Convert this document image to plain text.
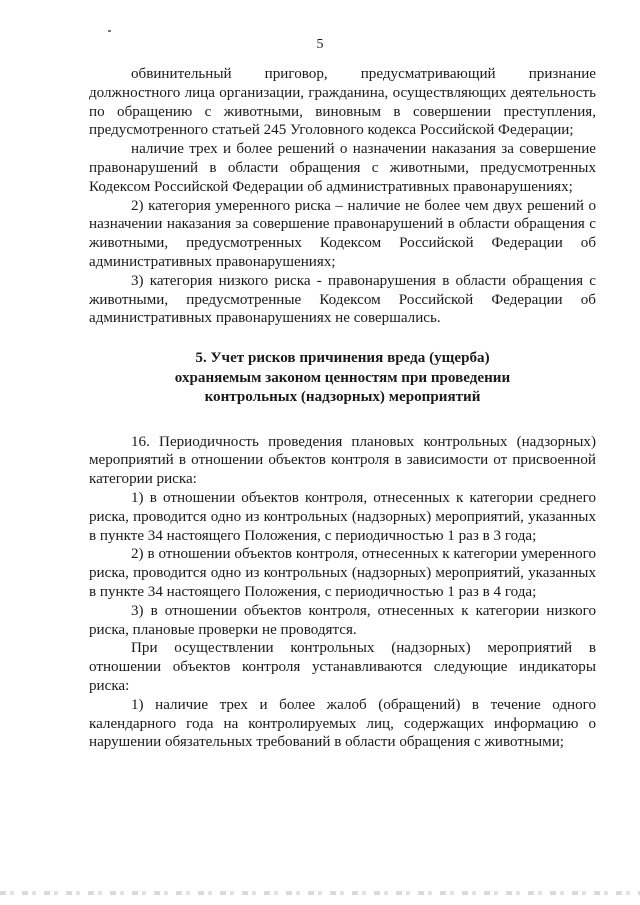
5

обвинительный приговор, предусматривающий признание должностного лица организации, гражданина, осуществляющих деятельность по обращению с животными, виновным в совершении преступления, предусмотренного статьей 245 Уголовного кодекса Российской Федерации;

наличие трех и более решений о назначении наказания за совершение правонарушений в области обращения с животными, предусмотренных Кодексом Российской Федерации об административных правонарушениях;

2) категория умеренного риска – наличие не более чем двух решений о назначении наказания за совершение правонарушений в области обращения с животными, предусмотренных Кодексом Российской Федерации об административных правонарушениях;

3) категория низкого риска - правонарушения в области обращения с животными, предусмотренные Кодексом Российской Федерации об административных правонарушениях не совершались.

5. Учет рисков причинения вреда (ущерба)
охраняемым законом ценностям при проведении
контрольных (надзорных) мероприятий

16. Периодичность проведения плановых контрольных (надзорных) мероприятий в отношении объектов контроля в зависимости от присвоенной категории риска:

1) в отношении объектов контроля, отнесенных к категории среднего риска, проводится одно из контрольных (надзорных) мероприятий, указанных в пункте 34 настоящего Положения, с периодичностью 1 раз в 3 года;

2) в отношении объектов контроля, отнесенных к категории умеренного риска, проводится одно из контрольных (надзорных) мероприятий, указанных в пункте 34 настоящего Положения, с периодичностью 1 раз в 4 года;

3) в отношении объектов контроля, отнесенных к категории низкого риска, плановые проверки не проводятся.

При осуществлении контрольных (надзорных) мероприятий в отношении объектов контроля устанавливаются следующие индикаторы риска:

1) наличие трех и более жалоб (обращений) в течение одного календарного года на контролируемых лиц, содержащих информацию о нарушении обязательных требований в области обращения с животными;
